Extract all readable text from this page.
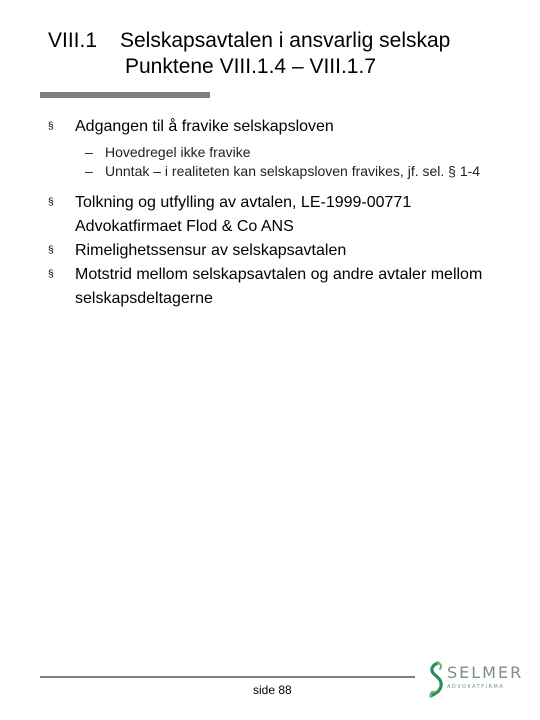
VIII.1 Selskapsavtalen i ansvarlig selskap
Punktene VIII.1.4 – VIII.1.7
§ Adgangen til å fravike selskapsloven
– Hovedregel ikke fravike
– Unntak – i realiteten kan selskapsloven fravikes, jf. sel. § 1-4
§ Tolkning og utfylling av avtalen, LE-1999-00771 Advokatfirmaet Flod & Co ANS
§ Rimelighetssensur av selskapsavtalen
§ Motstrid mellom selskapsavtalen og andre avtaler mellom selskapsdeltagerne
side 88
SELMER
ADVOKATFIRMA
